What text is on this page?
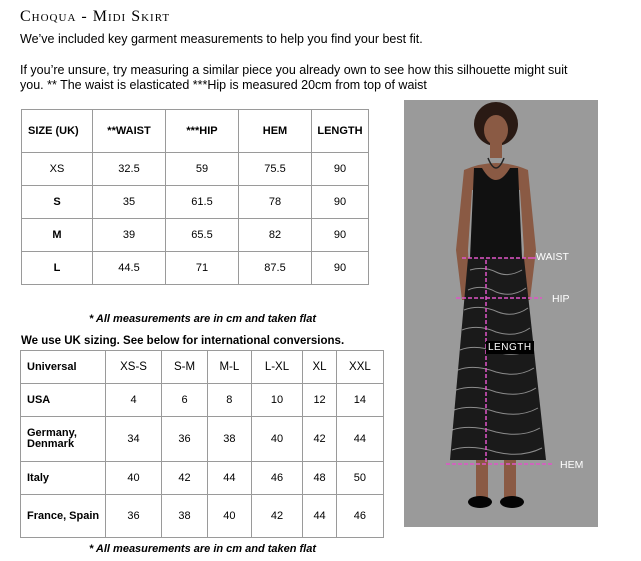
Choqua - Midi Skirt
We’ve included key garment measurements to help you find your best fit.
If you’re unsure, try measuring a similar piece you already own to see how this silhouette might suit
you. ** The waist is elasticated ***Hip is measured 20cm from top of waist
SIZE (UK)	**WAIST	***HIP	HEM	LENGTH
XS	32.5	59	75.5	90
S	35	61.5	78	90
M	39	65.5	82	90
L	44.5	71	87.5	90
* All measurements are in cm and taken flat
We use UK sizing. See below for international conversions.
Universal	XS-S	S-M	M-L	L-XL	XL	XXL
USA	4	6	8	10	12	14
Germany, Denmark	34	36	38	40	42	44
Italy	40	42	44	46	48	50
France, Spain	36	38	40	42	44	46
* All measurements are in cm and taken flat
WAIST
HIP
LENGTH
HEM
